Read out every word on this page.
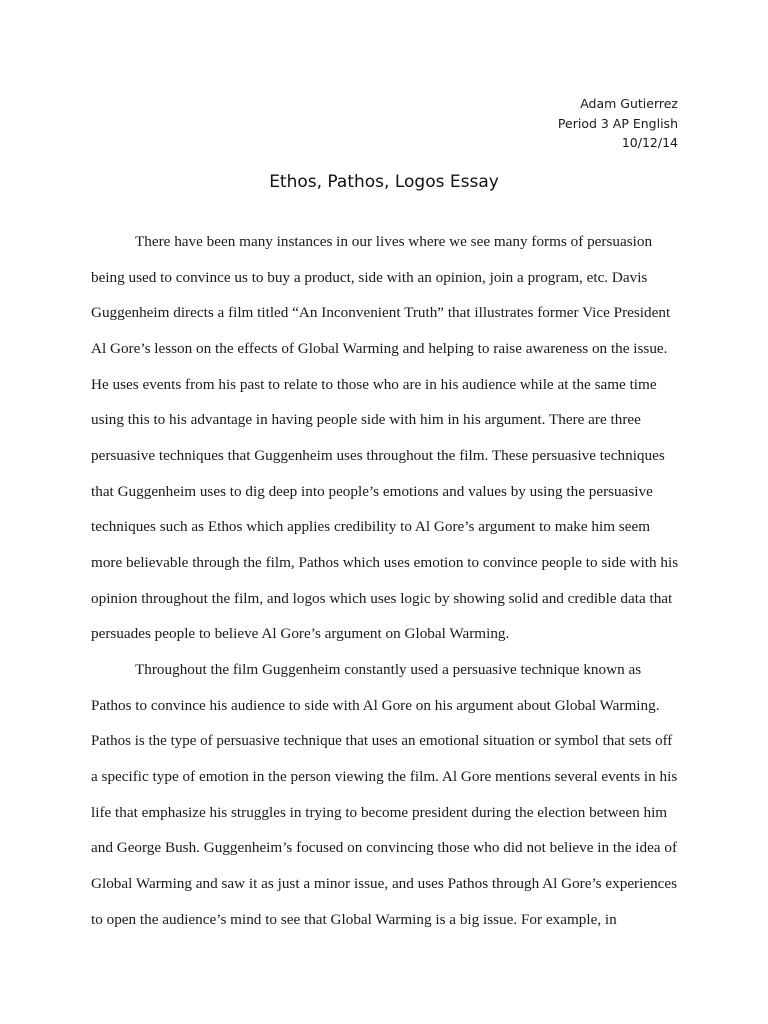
Adam Gutierrez
Period 3 AP English
10/12/14
Ethos, Pathos, Logos Essay
There have been many instances in our lives where we see many forms of persuasion
being used to convince us to buy a product, side with an opinion, join a program, etc. Davis
Guggenheim directs a film titled “An Inconvenient Truth” that illustrates former Vice President
Al Gore’s lesson on the effects of Global Warming and helping to raise awareness on the issue.
He uses events from his past to relate to those who are in his audience while at the same time
using this to his advantage in having people side with him in his argument. There are three
persuasive techniques that Guggenheim uses throughout the film. These persuasive techniques
that Guggenheim uses to dig deep into people’s emotions and values by using the persuasive
techniques such as Ethos which applies credibility to Al Gore’s argument to make him seem
more believable through the film, Pathos which uses emotion to convince people to side with his
opinion throughout the film, and logos which uses logic by showing solid and credible data that
persuades people to believe Al Gore’s argument on Global Warming.
Throughout the film Guggenheim constantly used a persuasive technique known as
Pathos to convince his audience to side with Al Gore on his argument about Global Warming.
Pathos is the type of persuasive technique that uses an emotional situation or symbol that sets off
a specific type of emotion in the person viewing the film. Al Gore mentions several events in his
life that emphasize his struggles in trying to become president during the election between him
and George Bush. Guggenheim’s focused on convincing those who did not believe in the idea of
Global Warming and saw it as just a minor issue, and uses Pathos through Al Gore’s experiences
to open the audience’s mind to see that Global Warming is a big issue. For example, in
